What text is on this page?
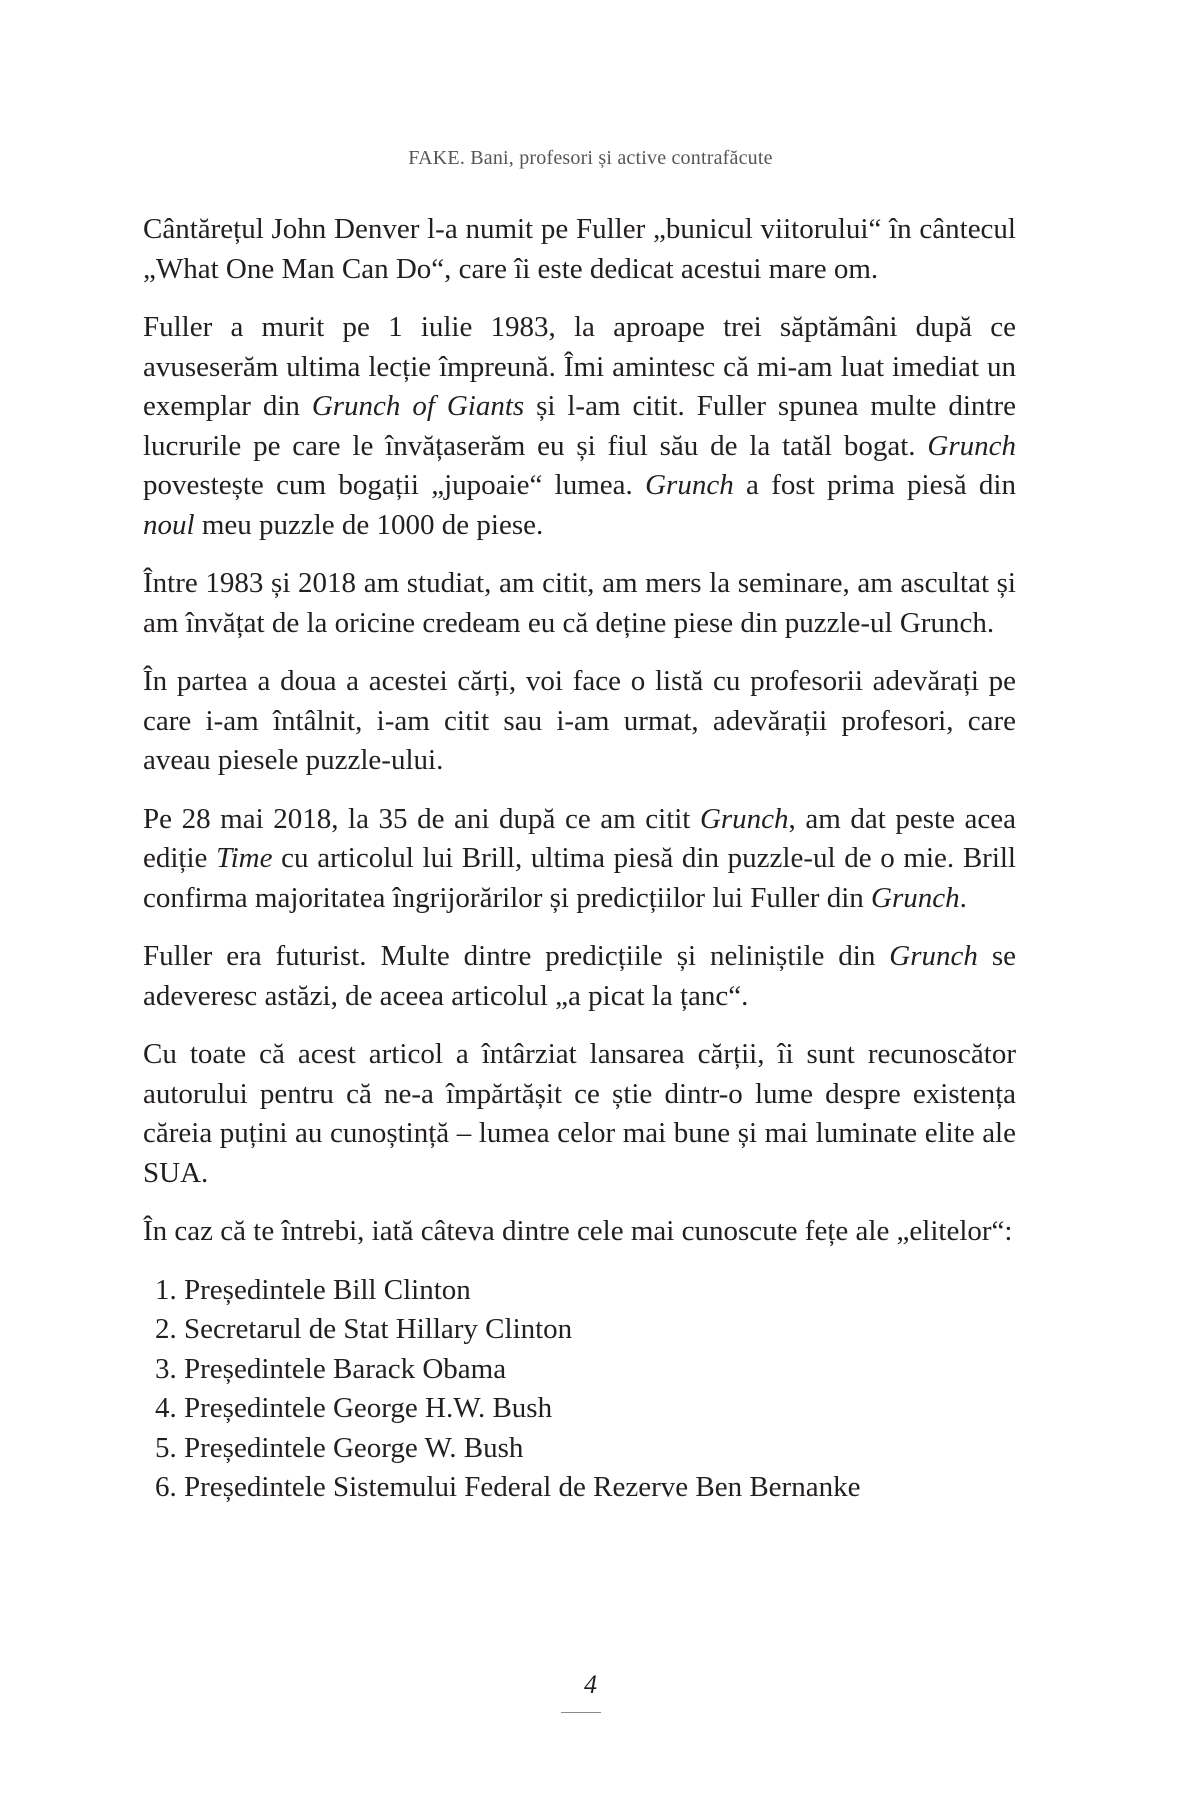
FAKE. Bani, profesori și active contrafăcute

Cântărețul John Denver l-a numit pe Fuller „bunicul viitorului“ în cântecul „What One Man Can Do“, care îi este dedicat acestui mare om.

Fuller a murit pe 1 iulie 1983, la aproape trei săptămâni după ce avuseserăm ultima lecție împreună. Îmi amintesc că mi-am luat imediat un exemplar din Grunch of Giants și l-am citit. Fuller spunea multe dintre lucrurile pe care le învățaserăm eu și fiul său de la tatăl bogat. Grunch povestește cum bogații „jupoaie“ lumea. Grunch a fost prima piesă din noul meu puzzle de 1000 de piese.

Între 1983 și 2018 am studiat, am citit, am mers la seminare, am ascultat și am învățat de la oricine credeam eu că deține piese din puzzle-ul Grunch.

În partea a doua a acestei cărți, voi face o listă cu profesorii adevărați pe care i-am întâlnit, i-am citit sau i-am urmat, adevărații profesori, care aveau piesele puzzle-ului.

Pe 28 mai 2018, la 35 de ani după ce am citit Grunch, am dat peste acea ediție Time cu articolul lui Brill, ultima piesă din puzzle-ul de o mie. Brill confirma majoritatea îngrijorărilor și predicțiilor lui Fuller din Grunch.

Fuller era futurist. Multe dintre predicțiile și neliniștile din Grunch se adeveresc astăzi, de aceea articolul „a picat la țanc“.

Cu toate că acest articol a întârziat lansarea cărții, îi sunt recunoscător autorului pentru că ne-a împărtășit ce știe dintr-o lume despre existența căreia puțini au cunoștință – lumea celor mai bune și mai luminate elite ale SUA.

În caz că te întrebi, iată câteva dintre cele mai cunoscute fețe ale „elitelor“:

1. Președintele Bill Clinton
2. Secretarul de Stat Hillary Clinton
3. Președintele Barack Obama
4. Președintele George H.W. Bush
5. Președintele George W. Bush
6. Președintele Sistemului Federal de Rezerve Ben Bernanke
4
